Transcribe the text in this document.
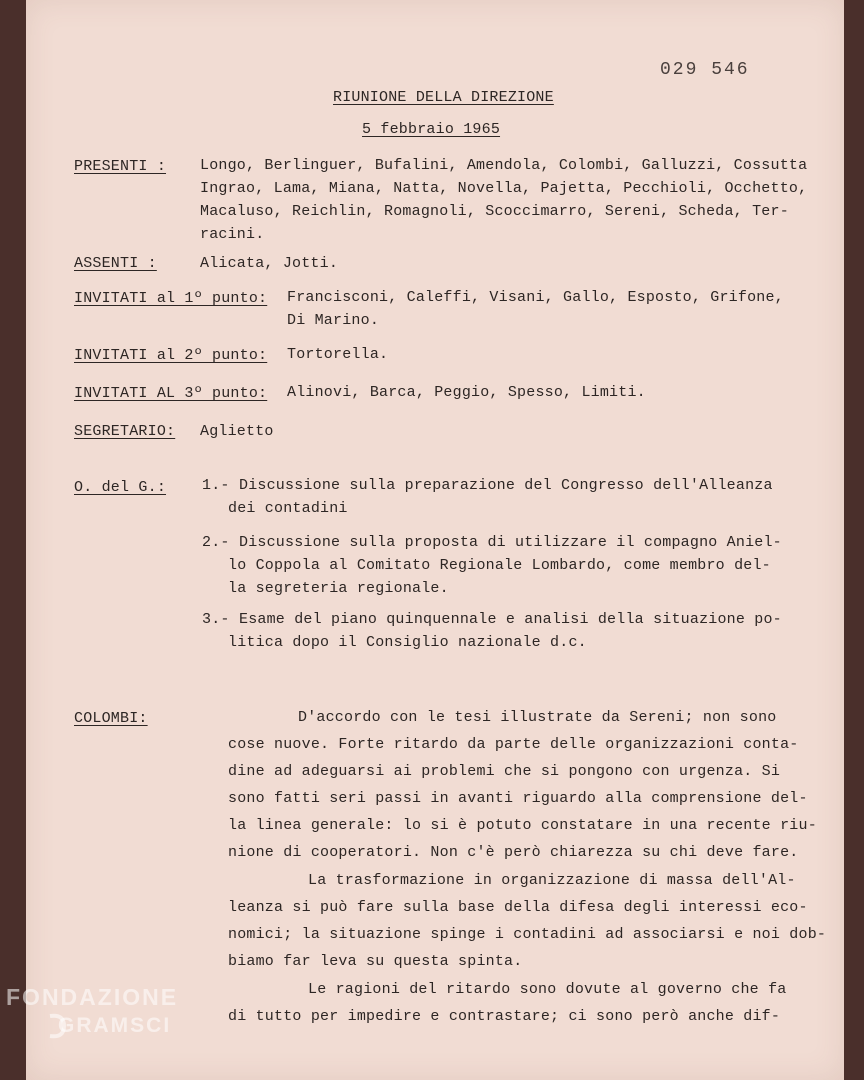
029 546
RIUNIONE DELLA DIREZIONE
5 febbraio 1965
PRESENTI : Longo, Berlinguer, Bufalini, Amendola, Colombi, Galluzzi, Cossutta
Ingrao, Lama, Miana, Natta, Novella, Pajetta, Pecchioli, Occhetto,
Macaluso, Reichlin, Romagnoli, Scoccimarro, Sereni, Scheda, Ter-
racini.
ASSENTI :	Alicata, Jotti.
INVITATI al 1º punto: Francisconi, Caleffi, Visani, Gallo, Esposto, Grifone,
Di Marino.
INVITATI al 2º punto: Tortorella.
INVITATI AL 3º punto: Alinovi, Barca, Peggio, Spesso, Limiti.
SEGRETARIO: Aglietto
O. del G.: 1.- Discussione sulla preparazione del Congresso dell'Alleanza
dei contadini
2.- Discussione sulla proposta di utilizzare il compagno Aniel-
lo Coppola al Comitato Regionale Lombardo, come membro del-
la segreteria regionale.
3.- Esame del piano quinquennale e analisi della situazione po-
litica dopo il Consiglio nazionale d.c.
COLOMBI:	D'accordo con le tesi illustrate da Sereni; non sono
cose nuove. Forte ritardo da parte delle organizzazioni conta-
dine ad adeguarsi ai problemi che si pongono con urgenza. Si
sono fatti seri passi in avanti riguardo alla comprensione del-
la linea generale: lo si è potuto constatare in una recente riu-
nione di cooperatori. Non c'è però chiarezza su chi deve fare.
La trasformazione in organizzazione di massa dell'Al-
leanza si può fare sulla base della difesa degli interessi eco-
nomici; la situazione spinge i contadini ad associarsi e noi dob-
biamo far leva su questa spinta.
Le ragioni del ritardo sono dovute al governo che fa
di tutto per impedire e contrastare; ci sono però anche dif-
FONDAZIONE
GRAMSCI
